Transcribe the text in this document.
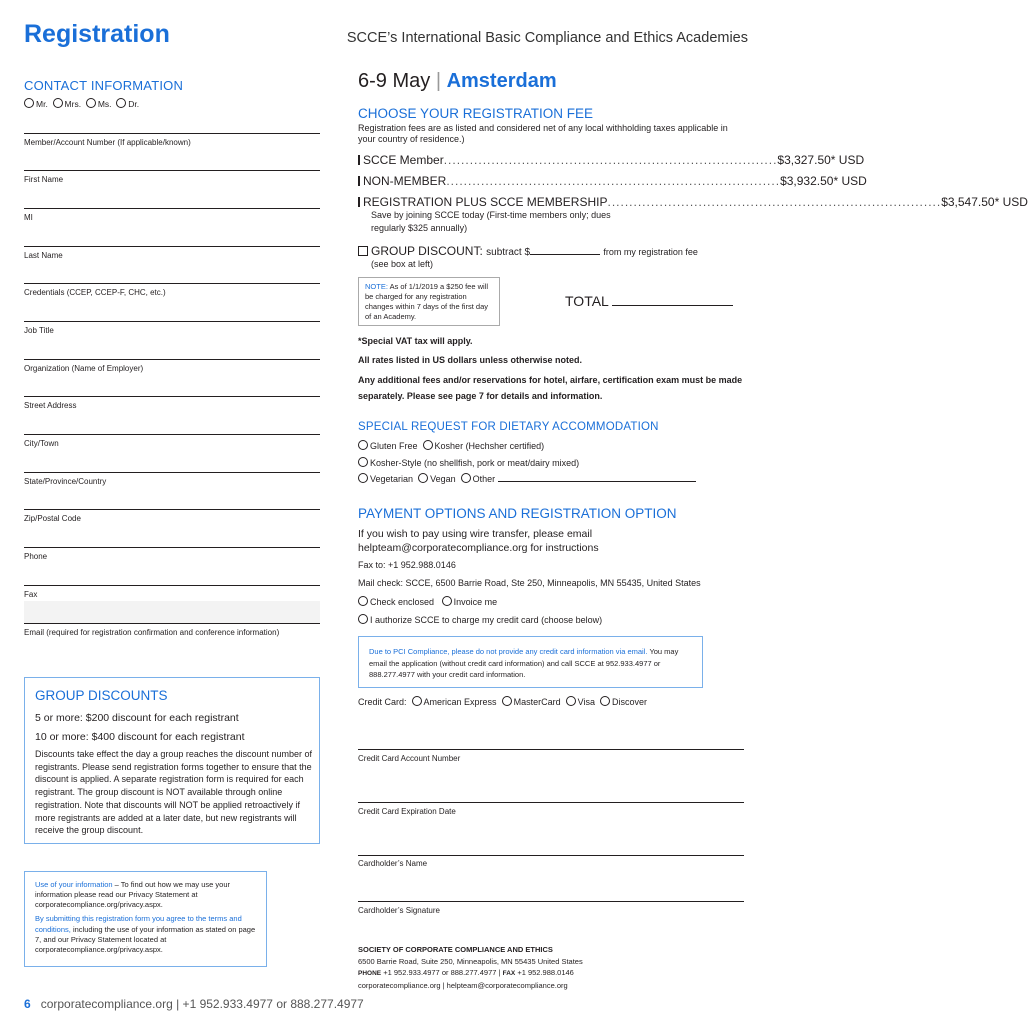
Registration	SCCE’s International Basic Compliance and Ethics Academies
6-9 May | Amsterdam
CONTACT INFORMATION
Mr. Mrs. Ms. Dr.
Member/Account Number (If applicable/known)
First Name
MI
Last Name
Credentials (CCEP, CCEP-F, CHC, etc.)
Job Title
Organization (Name of Employer)
Street Address
City/Town
State/Province/Country
Zip/Postal Code
Phone
Fax
Email (required for registration confirmation and conference information)
GROUP DISCOUNTS
5 or more: $200 discount for each registrant
10 or more: $400 discount for each registrant
Discounts take effect the day a group reaches the discount number of registrants. Please send registration forms together to ensure that the discount is applied. A separate registration form is required for each registrant. The group discount is NOT available through online registration. Note that discounts will NOT be applied retroactively if more registrants are added at a later date, but new registrants will receive the group discount.
Use of your information – To find out how we may use your information please read our Privacy Statement at corporatecompliance.org/privacy.aspx.
By submitting this registration form you agree to the terms and conditions, including the use of your information as stated on page 7, and our Privacy Statement located at corporatecompliance.org/privacy.aspx.
6 corporatecompliance.org | +1 952.933.4977 or 888.277.4977
CHOOSE YOUR REGISTRATION FEE
Registration fees are as listed and considered net of any local withholding taxes applicable in your country of residence.)
SCCE Member ............................................................................. $3,327.50* USD
NON-MEMBER ............................................................................. $3,932.50* USD
REGISTRATION PLUS SCCE MEMBERSHIP ............................................................................. $3,547.50* USD
Save by joining SCCE today (First-time members only; dues regularly $325 annually)
GROUP DISCOUNT: subtract $	from my registration fee
(see box at left)
NOTE: As of 1/1/2019 a $250 fee will be charged for any registration changes within 7 days of the first day of an Academy.
TOTAL
*Special VAT tax will apply.
All rates listed in US dollars unless otherwise noted.
Any additional fees and/or reservations for hotel, airfare, certification exam must be made separately. Please see page 7 for details and information.
SPECIAL REQUEST FOR DIETARY ACCOMMODATION
Gluten Free Kosher (Hechsher certified)
Kosher-Style (no shellfish, pork or meat/dairy mixed)
Vegetarian Vegan Other
PAYMENT OPTIONS AND REGISTRATION OPTION
If you wish to pay using wire transfer, please email helpteam@corporatecompliance.org for instructions
Fax to: +1 952.988.0146
Mail check: SCCE, 6500 Barrie Road, Ste 250, Minneapolis, MN 55435, United States
Check enclosed Invoice me
I authorize SCCE to charge my credit card (choose below)
Due to PCI Compliance, please do not provide any credit card information via email. You may email the application (without credit card information) and call SCCE at 952.933.4977 or 888.277.4977 with your credit card information.
Credit Card: American Express MasterCard Visa Discover
Credit Card Account Number
Credit Card Expiration Date
Cardholder’s Name
Cardholder’s Signature
SOCIETY OF CORPORATE COMPLIANCE AND ETHICS
6500 Barrie Road, Suite 250, Minneapolis, MN 55435 United States
PHONE +1 952.933.4977 or 888.277.4977 | FAX +1 952.988.0146
corporatecompliance.org | helpteam@corporatecompliance.org
